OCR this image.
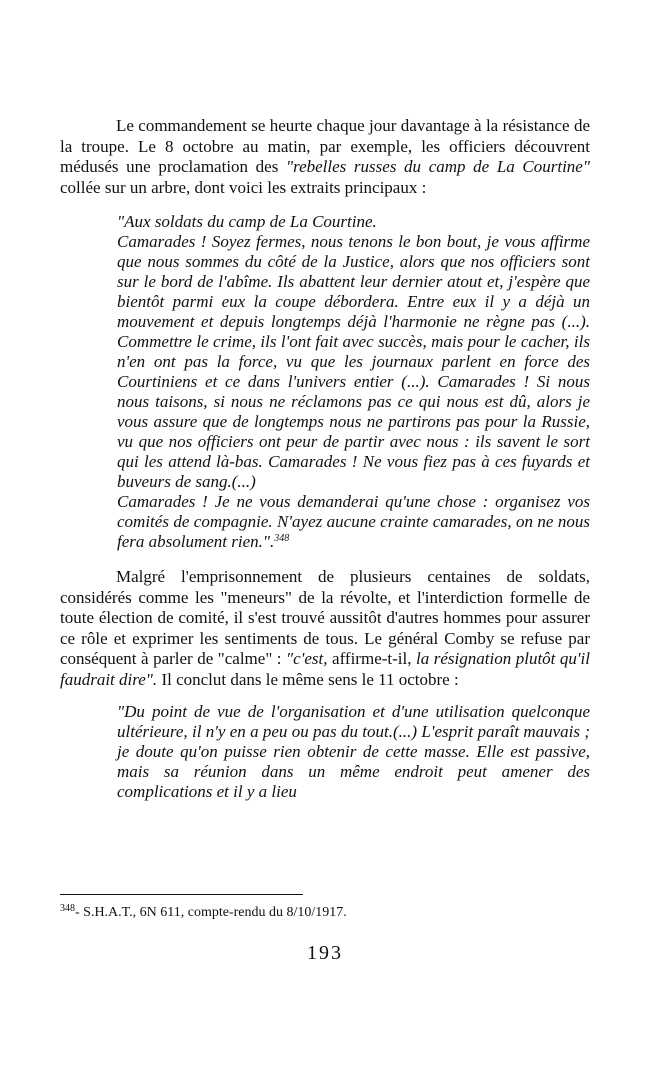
Le commandement se heurte chaque jour davantage à la résistance de la troupe. Le 8 octobre au matin, par exemple, les officiers découvrent médusés une proclamation des "rebelles russes du camp de La Courtine" collée sur un arbre, dont voici les extraits principaux :

"Aux soldats du camp de La Courtine.

Camarades ! Soyez fermes, nous tenons le bon bout, je vous affirme que nous sommes du côté de la Justice, alors que nos officiers sont sur le bord de l'abîme. Ils abattent leur dernier atout et, j'espère que bientôt parmi eux la coupe débordera. Entre eux il y a déjà un mouvement et depuis longtemps déjà l'harmonie ne règne pas (...). Commettre le crime, ils l'ont fait avec succès, mais pour le cacher, ils n'en ont pas la force, vu que les journaux parlent en force des Courtiniens et ce dans l'univers entier (...). Camarades ! Si nous nous taisons, si nous ne réclamons pas ce qui nous est dû, alors je vous assure que de longtemps nous ne partirons pas pour la Russie, vu que nos officiers ont peur de partir avec nous : ils savent le sort qui les attend là-bas. Camarades ! Ne vous fiez pas à ces fuyards et buveurs de sang.(...)

Camarades ! Je ne vous demanderai qu'une chose : organisez vos comités de compagnie. N'ayez aucune crainte camarades, on ne nous fera absolument rien.".$^{348}$

Malgré l'emprisonnement de plusieurs centaines de soldats, considérés comme les "meneurs" de la révolte, et l'interdiction formelle de toute élection de comité, il s'est trouvé aussitôt d'autres hommes pour assurer ce rôle et exprimer les sentiments de tous. Le général Comby se refuse par conséquent à parler de "calme" : "c'est, affirme-t-il, la résignation plutôt qu'il faudrait dire". Il conclut dans le même sens le 11 octobre :

"Du point de vue de l'organisation et d'une utilisation quelconque ultérieure, il n'y en a peu ou pas du tout.(...) L'esprit paraît mauvais ; je doute qu'on puisse rien obtenir de cette masse. Elle est passive, mais sa réunion dans un même endroit peut amener des complications et il y a lieu

$^{348}$- S.H.A.T., 6N 611, compte-rendu du 8/10/1917.
193
